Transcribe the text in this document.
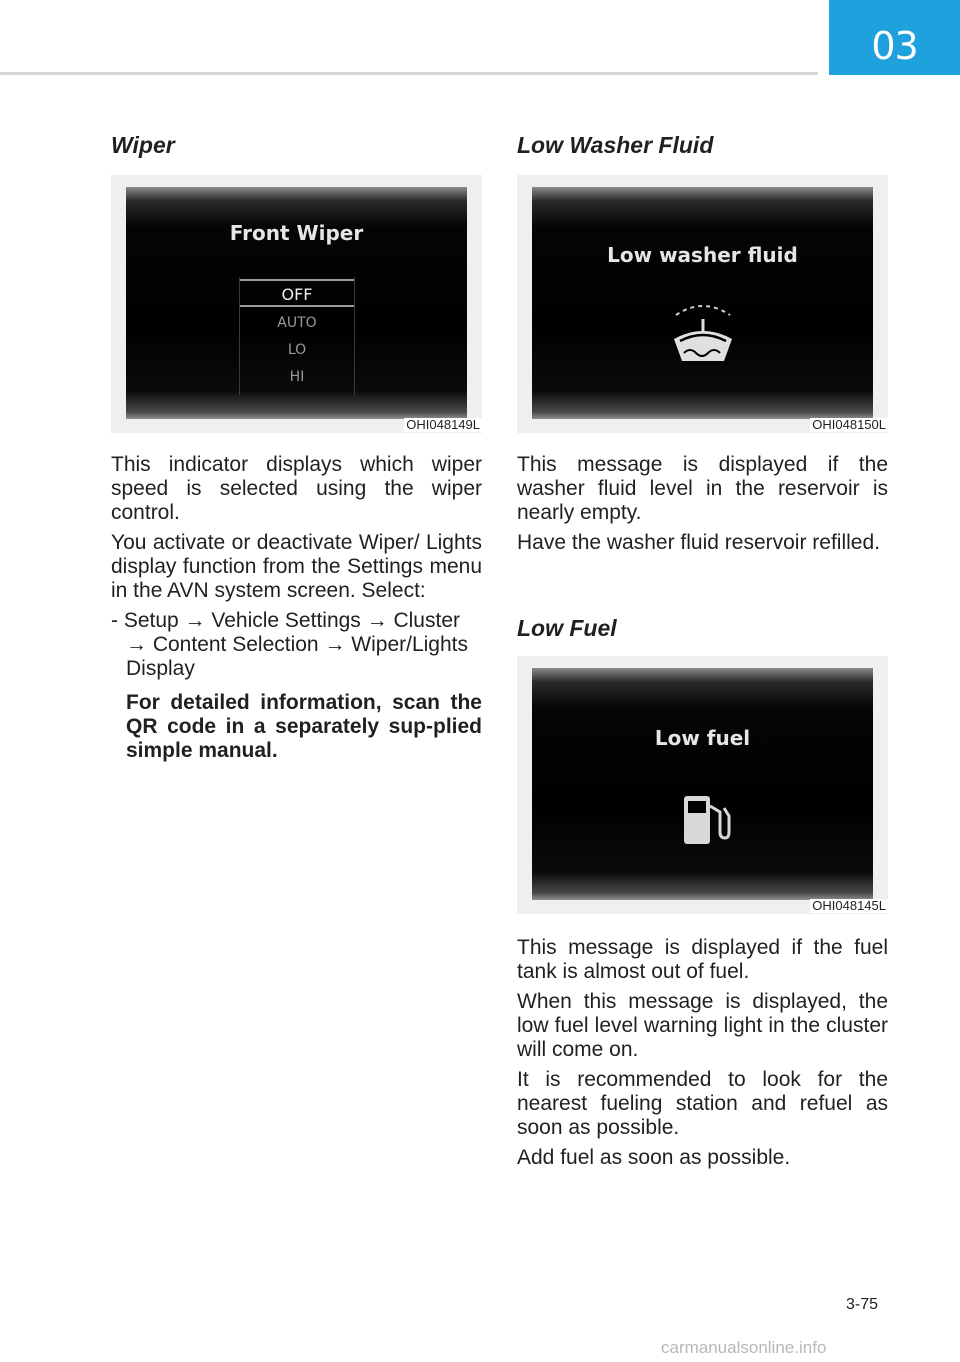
03
Wiper
Front Wiper
OFF
AUTO
LO
HI
OHI048149L

This indicator displays which wiper speed is selected using the wiper control.

You activate or deactivate Wiper/ Lights display function from the Settings menu in the AVN system screen. Select:

- Setup → Vehicle Settings → Cluster → Content Selection → Wiper/Lights Display

For detailed information, scan the QR code in a separately sup-plied simple manual.

Low Washer Fluid
Low washer fluid
OHI048150L

This message is displayed if the washer fluid level in the reservoir is nearly empty.

Have the washer fluid reservoir refilled.

Low Fuel
Low fuel
OHI048145L

This message is displayed if the fuel tank is almost out of fuel.

When this message is displayed, the low fuel level warning light in the cluster will come on.

It is recommended to look for the nearest fueling station and refuel as soon as possible.

Add fuel as soon as possible.

3-75
carmanualsonline.info
